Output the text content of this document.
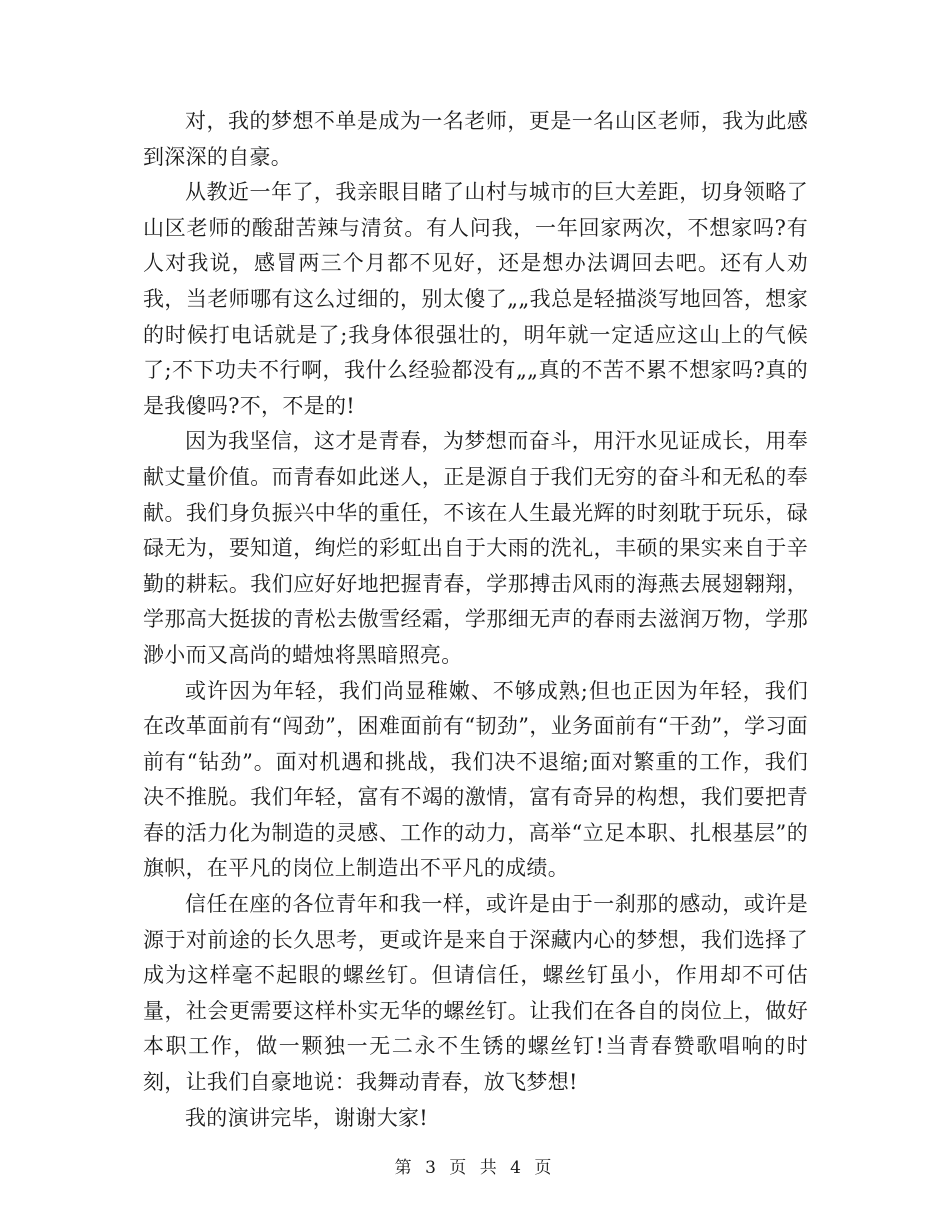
对，我的梦想不单是成为一名老师，更是一名山区老师，我为此感到深深的自豪。

从教近一年了，我亲眼目睹了山村与城市的巨大差距，切身领略了山区老师的酸甜苦辣与清贫。有人问我，一年回家两次，不想家吗?有人对我说，感冒两三个月都不见好，还是想办法调回去吧。还有人劝我，当老师哪有这么过细的，别太傻了„„我总是轻描淡写地回答，想家的时候打电话就是了;我身体很强壮的，明年就一定适应这山上的气候了;不下功夫不行啊，我什么经验都没有„„真的不苦不累不想家吗?真的是我傻吗?不，不是的!

因为我坚信，这才是青春，为梦想而奋斗，用汗水见证成长，用奉献丈量价值。而青春如此迷人，正是源自于我们无穷的奋斗和无私的奉献。我们身负振兴中华的重任，不该在人生最光辉的时刻耽于玩乐，碌碌无为，要知道，绚烂的彩虹出自于大雨的洗礼，丰硕的果实来自于辛勤的耕耘。我们应好好地把握青春，学那搏击风雨的海燕去展翅翱翔，学那高大挺拔的青松去傲雪经霜，学那细无声的春雨去滋润万物，学那渺小而又高尚的蜡烛将黑暗照亮。

或许因为年轻，我们尚显稚嫩、不够成熟;但也正因为年轻，我们在改革面前有“闯劲”，困难面前有“韧劲”，业务面前有“干劲”，学习面前有“钻劲”。面对机遇和挑战，我们决不退缩;面对繁重的工作，我们决不推脱。我们年轻，富有不竭的激情，富有奇异的构想，我们要把青春的活力化为制造的灵感、工作的动力，高举“立足本职、扎根基层”的旗帜，在平凡的岗位上制造出不平凡的成绩。

信任在座的各位青年和我一样，或许是由于一刹那的感动，或许是源于对前途的长久思考，更或许是来自于深藏内心的梦想，我们选择了成为这样毫不起眼的螺丝钉。但请信任，螺丝钉虽小，作用却不可估量，社会更需要这样朴实无华的螺丝钉。让我们在各自的岗位上，做好本职工作，做一颗独一无二永不生锈的螺丝钉!当青春赞歌唱响的时刻，让我们自豪地说：我舞动青春，放飞梦想!

我的演讲完毕，谢谢大家!

第 3 页 共 4 页
